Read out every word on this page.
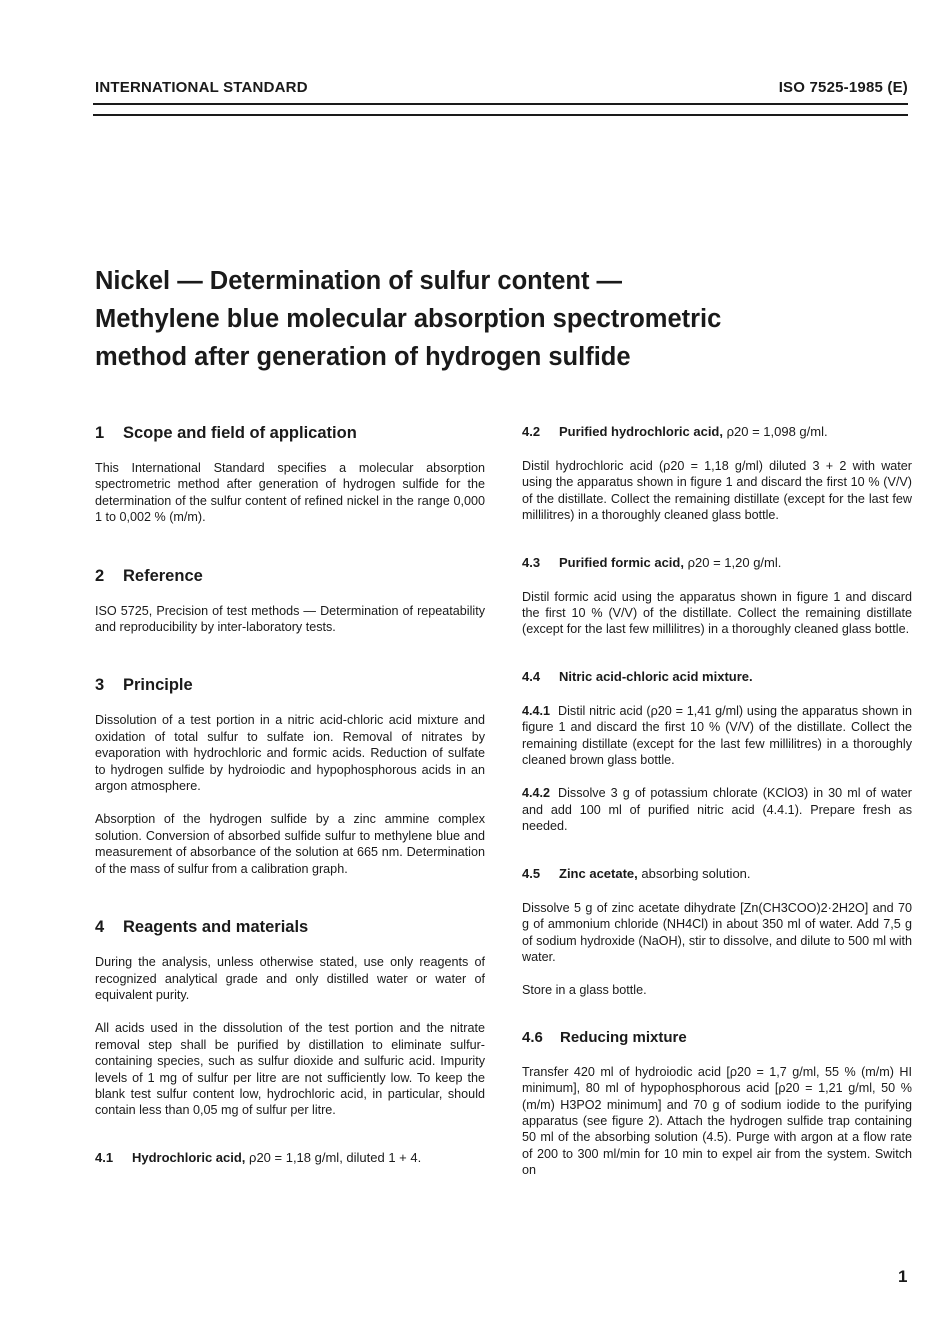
INTERNATIONAL STANDARD	ISO 7525-1985 (E)
Nickel — Determination of sulfur content —
Methylene blue molecular absorption spectrometric
method after generation of hydrogen sulfide
1 Scope and field of application

This International Standard specifies a molecular absorption spectrometric method after generation of hydrogen sulfide for the determination of the sulfur content of refined nickel in the range 0,000 1 to 0,002 % (m/m).

2 Reference

ISO 5725, Precision of test methods — Determination of repeatability and reproducibility by inter-laboratory tests.

3 Principle

Dissolution of a test portion in a nitric acid-chloric acid mixture and oxidation of total sulfur to sulfate ion. Removal of nitrates by evaporation with hydrochloric and formic acids. Reduction of sulfate to hydrogen sulfide by hydroiodic and hypophosphorous acids in an argon atmosphere.

Absorption of the hydrogen sulfide by a zinc ammine complex solution. Conversion of absorbed sulfide sulfur to methylene blue and measurement of absorbance of the solution at 665 nm. Determination of the mass of sulfur from a calibration graph.

4 Reagents and materials

During the analysis, unless otherwise stated, use only reagents of recognized analytical grade and only distilled water or water of equivalent purity.

All acids used in the dissolution of the test portion and the nitrate removal step shall be purified by distillation to eliminate sulfur-containing species, such as sulfur dioxide and sulfuric acid. Impurity levels of 1 mg of sulfur per litre are not sufficiently low. To keep the blank test sulfur content low, hydrochloric acid, in particular, should contain less than 0,05 mg of sulfur per litre.

4.1 Hydrochloric acid, ρ20 = 1,18 g/ml, diluted 1 + 4.
4.2 Purified hydrochloric acid, ρ20 = 1,098 g/ml.

Distil hydrochloric acid (ρ20 = 1,18 g/ml) diluted 3 + 2 with water using the apparatus shown in figure 1 and discard the first 10 % (V/V) of the distillate. Collect the remaining distillate (except for the last few millilitres) in a thoroughly cleaned glass bottle.

4.3 Purified formic acid, ρ20 = 1,20 g/ml.

Distil formic acid using the apparatus shown in figure 1 and discard the first 10 % (V/V) of the distillate. Collect the remaining distillate (except for the last few millilitres) in a thoroughly cleaned glass bottle.

4.4 Nitric acid-chloric acid mixture.

4.4.1 Distil nitric acid (ρ20 = 1,41 g/ml) using the apparatus shown in figure 1 and discard the first 10 % (V/V) of the distillate. Collect the remaining distillate (except for the last few millilitres) in a thoroughly cleaned brown glass bottle.

4.4.2 Dissolve 3 g of potassium chlorate (KClO3) in 30 ml of water and add 100 ml of purified nitric acid (4.4.1). Prepare fresh as needed.

4.5 Zinc acetate, absorbing solution.

Dissolve 5 g of zinc acetate dihydrate [Zn(CH3COO)2·2H2O] and 70 g of ammonium chloride (NH4Cl) in about 350 ml of water. Add 7,5 g of sodium hydroxide (NaOH), stir to dissolve, and dilute to 500 ml with water.

Store in a glass bottle.

4.6 Reducing mixture

Transfer 420 ml of hydroiodic acid [ρ20 = 1,7 g/ml, 55 % (m/m) HI minimum], 80 ml of hypophosphorous acid [ρ20 = 1,21 g/ml, 50 % (m/m) H3PO2 minimum] and 70 g of sodium iodide to the purifying apparatus (see figure 2). Attach the hydrogen sulfide trap containing 50 ml of the absorbing solution (4.5). Purge with argon at a flow rate of 200 to 300 ml/min for 10 min to expel air from the system. Switch on

1
